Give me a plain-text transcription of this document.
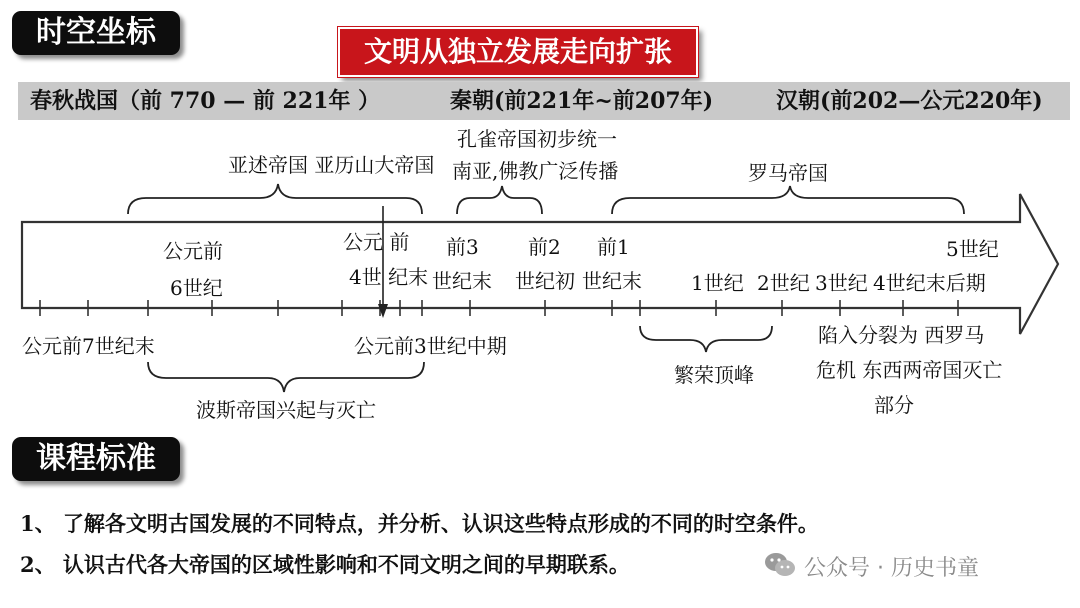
时空坐标
文明从独立发展走向扩张
春秋战国（前 770 — 前 221年 ）	秦朝(前221年~前207年)	汉朝(前202—公元220年)
亚述帝国 亚历山大帝国
孔雀帝国初步统一
南亚,佛教广泛传播	罗马帝国
公元前
6世纪
公元 前
4世 纪末
前3
世纪末
前2
世纪初
前1
世纪末 1世纪 2世纪 3世纪 4世纪末后期
5世纪
公元前7世纪末	公元前3世纪中期
波斯帝国兴起与灭亡
繁荣顶峰
陷入分裂为 西罗马
危机 东西两帝国灭亡
部分
课程标准
1、 了解各文明古国发展的不同特点，并分析、认识这些特点形成的不同的时空条件。
2、 认识古代各大帝国的区域性影响和不同文明之间的早期联系。	公众号 · 历史书童
